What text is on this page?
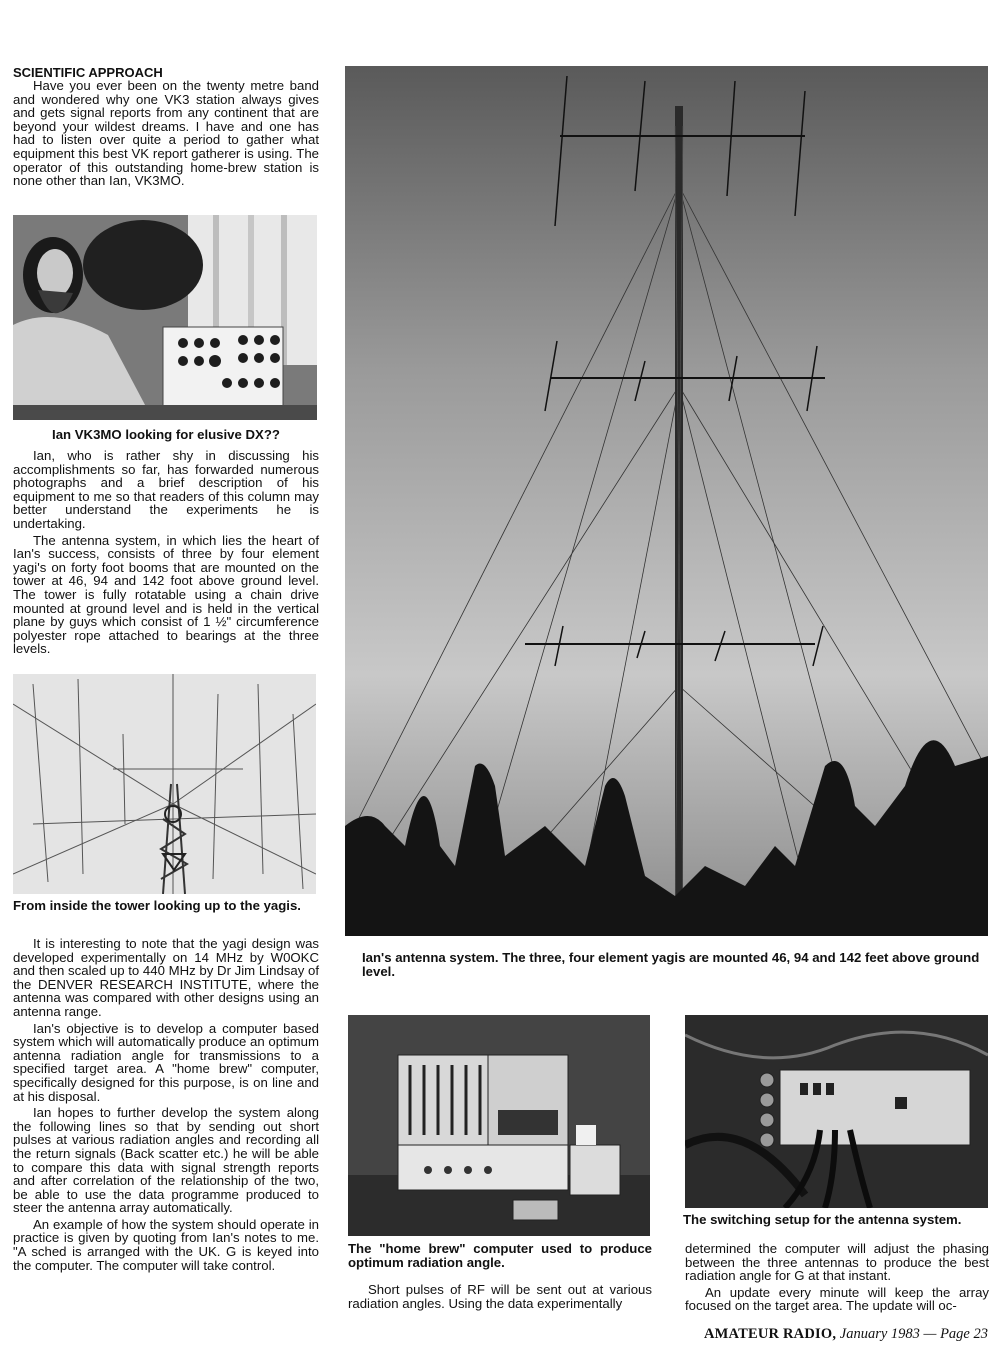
SCIENTIFIC APPROACH

Have you ever been on the twenty metre band and wondered why one VK3 station always gives and gets signal reports from any continent that are beyond your wildest dreams. I have and one has had to listen over quite a period to gather what equipment this best VK report gatherer is using. The operator of this outstanding home-brew station is none other than Ian, VK3MO.

Ian VK3MO looking for elusive DX??

Ian, who is rather shy in discussing his accomplishments so far, has forwarded numerous photographs and a brief description of his equipment to me so that readers of this column may better understand the experiments he is undertaking.

The antenna system, in which lies the heart of Ian's success, consists of three by four element yagi's on forty foot booms that are mounted on the tower at 46, 94 and 142 foot above ground level. The tower is fully rotatable using a chain drive mounted at ground level and is held in the vertical plane by guys which consist of 1 ½" circumference polyester rope attached to bearings at the three levels.

From inside the tower looking up to the yagis.

It is interesting to note that the yagi design was developed experimentally on 14 MHz by W0OKC and then scaled up to 440 MHz by Dr Jim Lindsay of the DENVER RESEARCH INSTITUTE, where the antenna was compared with other designs using an antenna range.

Ian's objective is to develop a computer based system which will automatically produce an optimum antenna radiation angle for transmissions to a specified target area. A "home brew" computer, specifically designed for this purpose, is on line and at his disposal.

Ian hopes to further develop the system along the following lines so that by sending out short pulses at various radiation angles and recording all the return signals (Back scatter etc.) he will be able to compare this data with signal strength reports and after correlation of the relationship of the two, be able to use the data programme produced to steer the antenna array automatically.

An example of how the system should operate in practice is given by quoting from Ian's notes to me. "A sched is arranged with the UK. G is keyed into the computer. The computer will take control.

Ian's antenna system. The three, four element yagis are mounted 46, 94 and 142 feet above ground level.

The "home brew" computer used to produce optimum radiation angle.

Short pulses of RF will be sent out at various radiation angles. Using the data experimentally

The switching setup for the antenna system.

determined the computer will adjust the phasing between the three antennas to produce the best radiation angle for G at that instant.

An update every minute will keep the array focused on the target area. The update will oc-

AMATEUR RADIO, January 1983 — Page 23
